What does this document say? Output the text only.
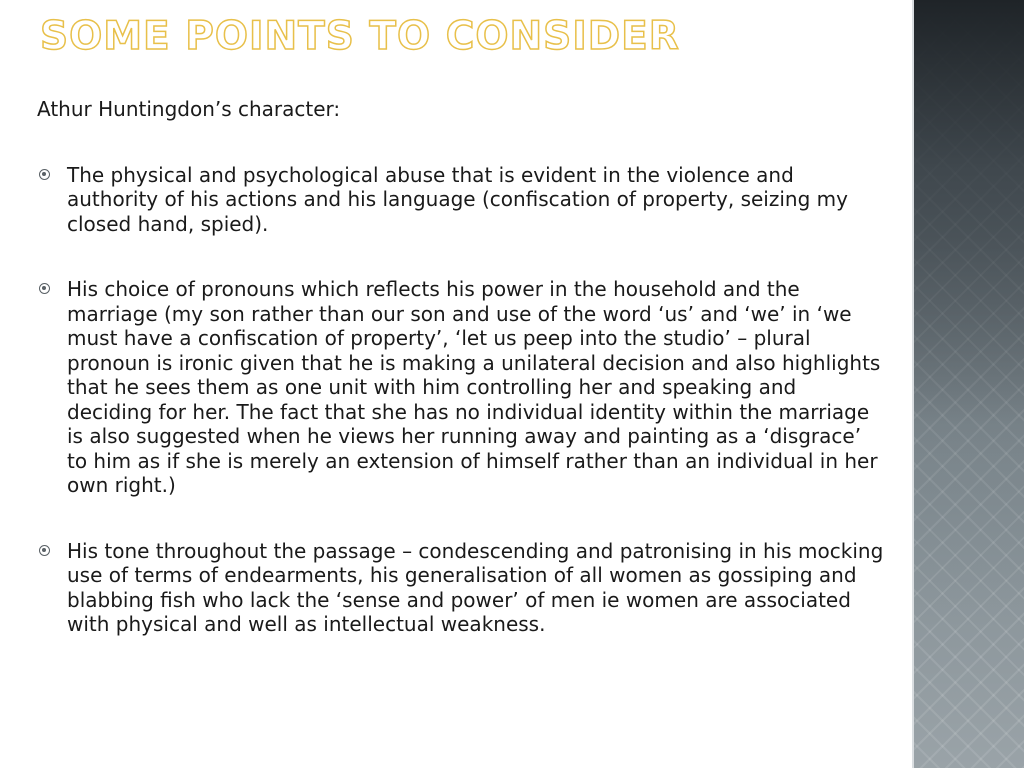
SOME POINTS TO CONSIDER

Athur Huntingdon’s character:

The physical and psychological abuse that is evident in the violence and authority of his actions and his language (confiscation of property, seizing my closed hand, spied).
His choice of pronouns which reflects his power in the household and the marriage (my son rather than our son and use of the word ‘us’ and ‘we’ in ‘we must have a confiscation of property’, ‘let us peep into the studio’ – plural pronoun is ironic given that he is making a unilateral decision and also highlights that he sees them as one unit with him controlling her and speaking and deciding for her. The fact that she has no individual identity within the marriage is also suggested when he views her running away and painting as a ‘disgrace’ to him as if she is merely an extension of himself rather than an individual in her own right.)
His tone throughout the passage – condescending and patronising in his mocking use of terms of endearments, his generalisation of all women as gossiping and blabbing fish who lack the ‘sense and power’ of men ie women are associated with physical and well as intellectual weakness.
